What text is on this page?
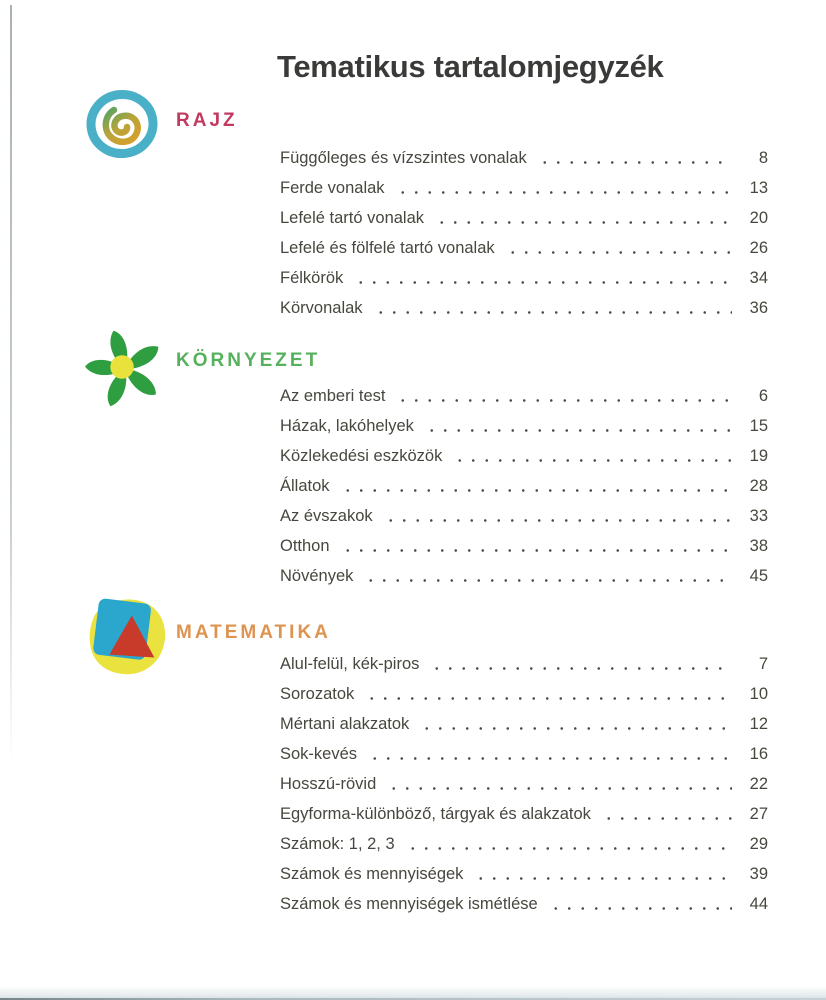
Tematikus tartalomjegyzék
RAJZ
Függőleges és vízszintes vonalak	8
Ferde vonalak	13
Lefelé tartó vonalak	20
Lefelé és fölfelé tartó vonalak	26
Félkörök	34
Körvonalak	36
KÖRNYEZET
Az emberi test	6
Házak, lakóhelyek	15
Közlekedési eszközök	19
Állatok	28
Az évszakok	33
Otthon	38
Növények	45
MATEMATIKA
Alul-felül, kék-piros	7
Sorozatok	10
Mértani alakzatok	12
Sok-kevés	16
Hosszú-rövid	22
Egyforma-különböző, tárgyak és alakzatok	27
Számok: 1, 2, 3	29
Számok és mennyiségek	39
Számok és mennyiségek ismétlése	44
